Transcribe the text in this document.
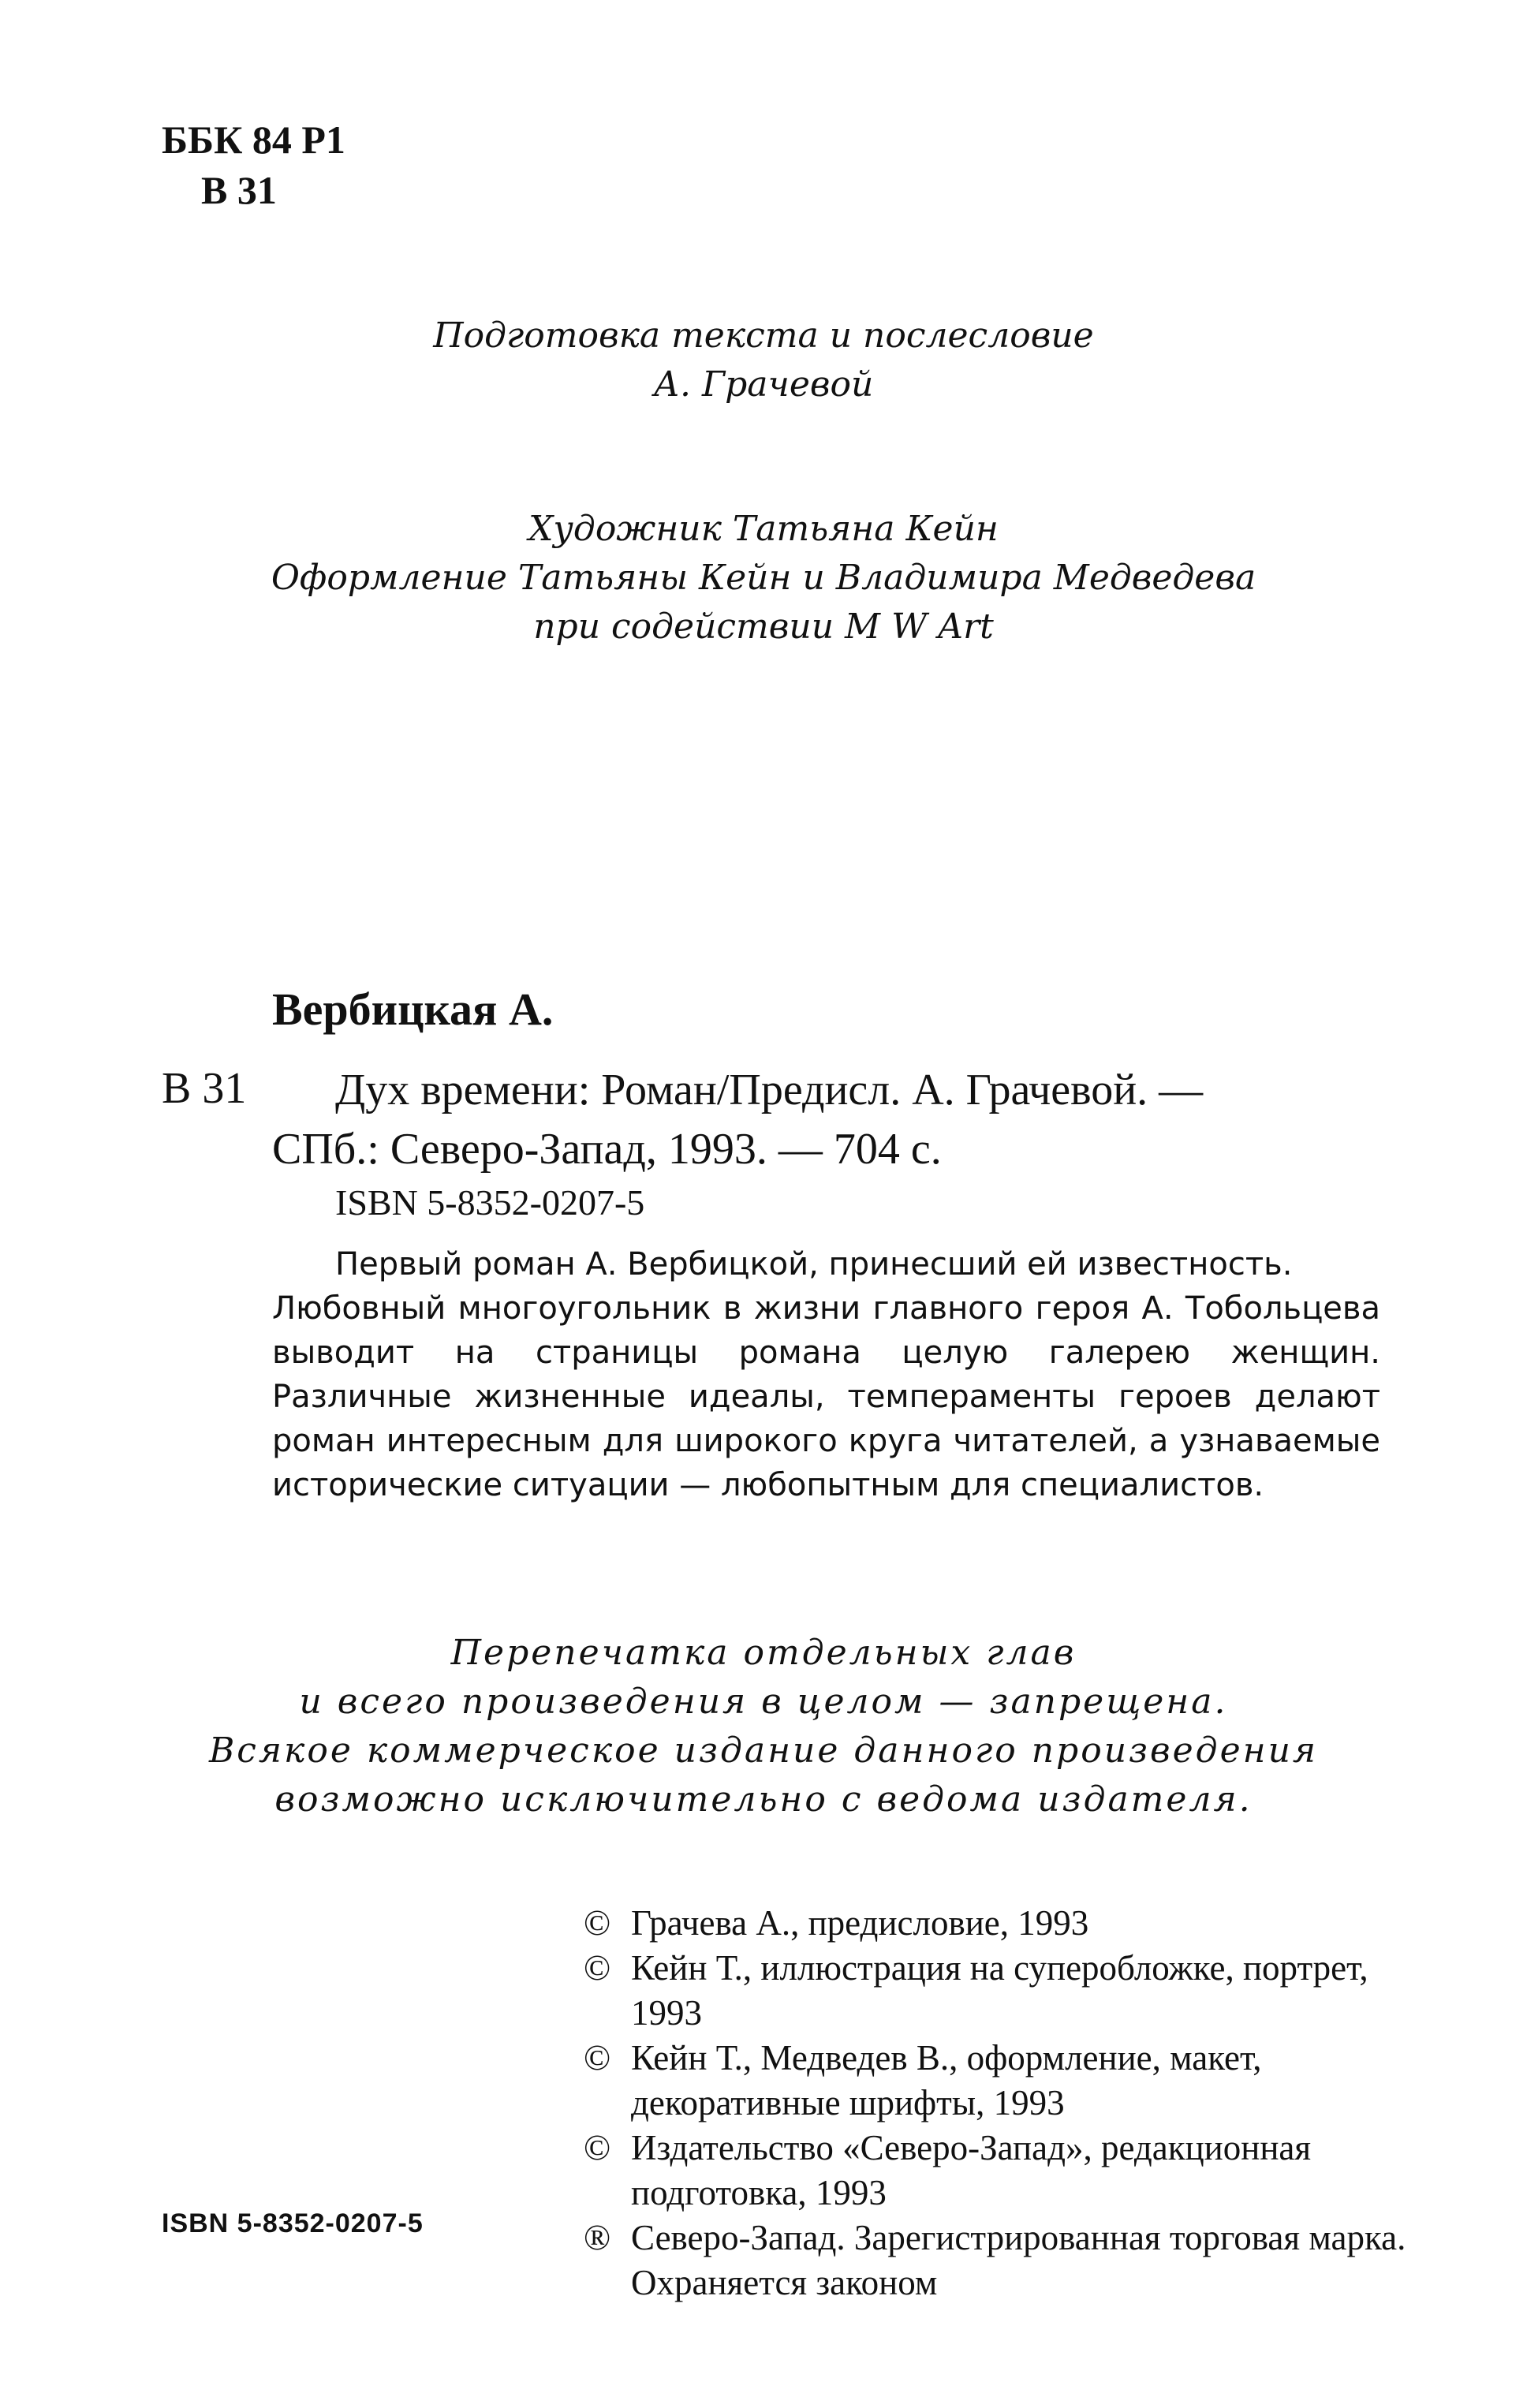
ББК 84 Р1
В 31
Подготовка текста и послесловие
А. Грачевой
Художник Татьяна Кейн
Оформление Татьяны Кейн и Владимира Медведева
при содействии M W Art
Вербицкая А.
В 31	Дух времени: Роман/Предисл. А. Грачевой. —
СПб.: Северо-Запад, 1993. — 704 с.
ISBN 5-8352-0207-5
Первый роман А. Вербицкой, принесший ей известность.
Любовный многоугольник в жизни главного героя А. Тобольцева выводит на страницы романа целую галерею женщин. Различные жизненные идеалы, темпераменты героев делают роман интересным для широкого круга читателей, а узнаваемые исторические ситуации — любопытным для специалистов.
Перепечатка отдельных глав
и всего произведения в целом — запрещена.
Всякое коммерческое издание данного произведения
возможно исключительно с ведома издателя.

© Грачева А., предисловие, 1993

© Кейн Т., иллюстрация на суперобложке, портрет, 1993

© Кейн Т., Медведев В., оформление, макет, декоративные шрифты, 1993

© Издательство «Северо-Запад», редакционная подготовка, 1993

® Северо-Запад. Зарегистрированная торговая марка. Охраняется законом

ISBN 5-8352-0207-5
